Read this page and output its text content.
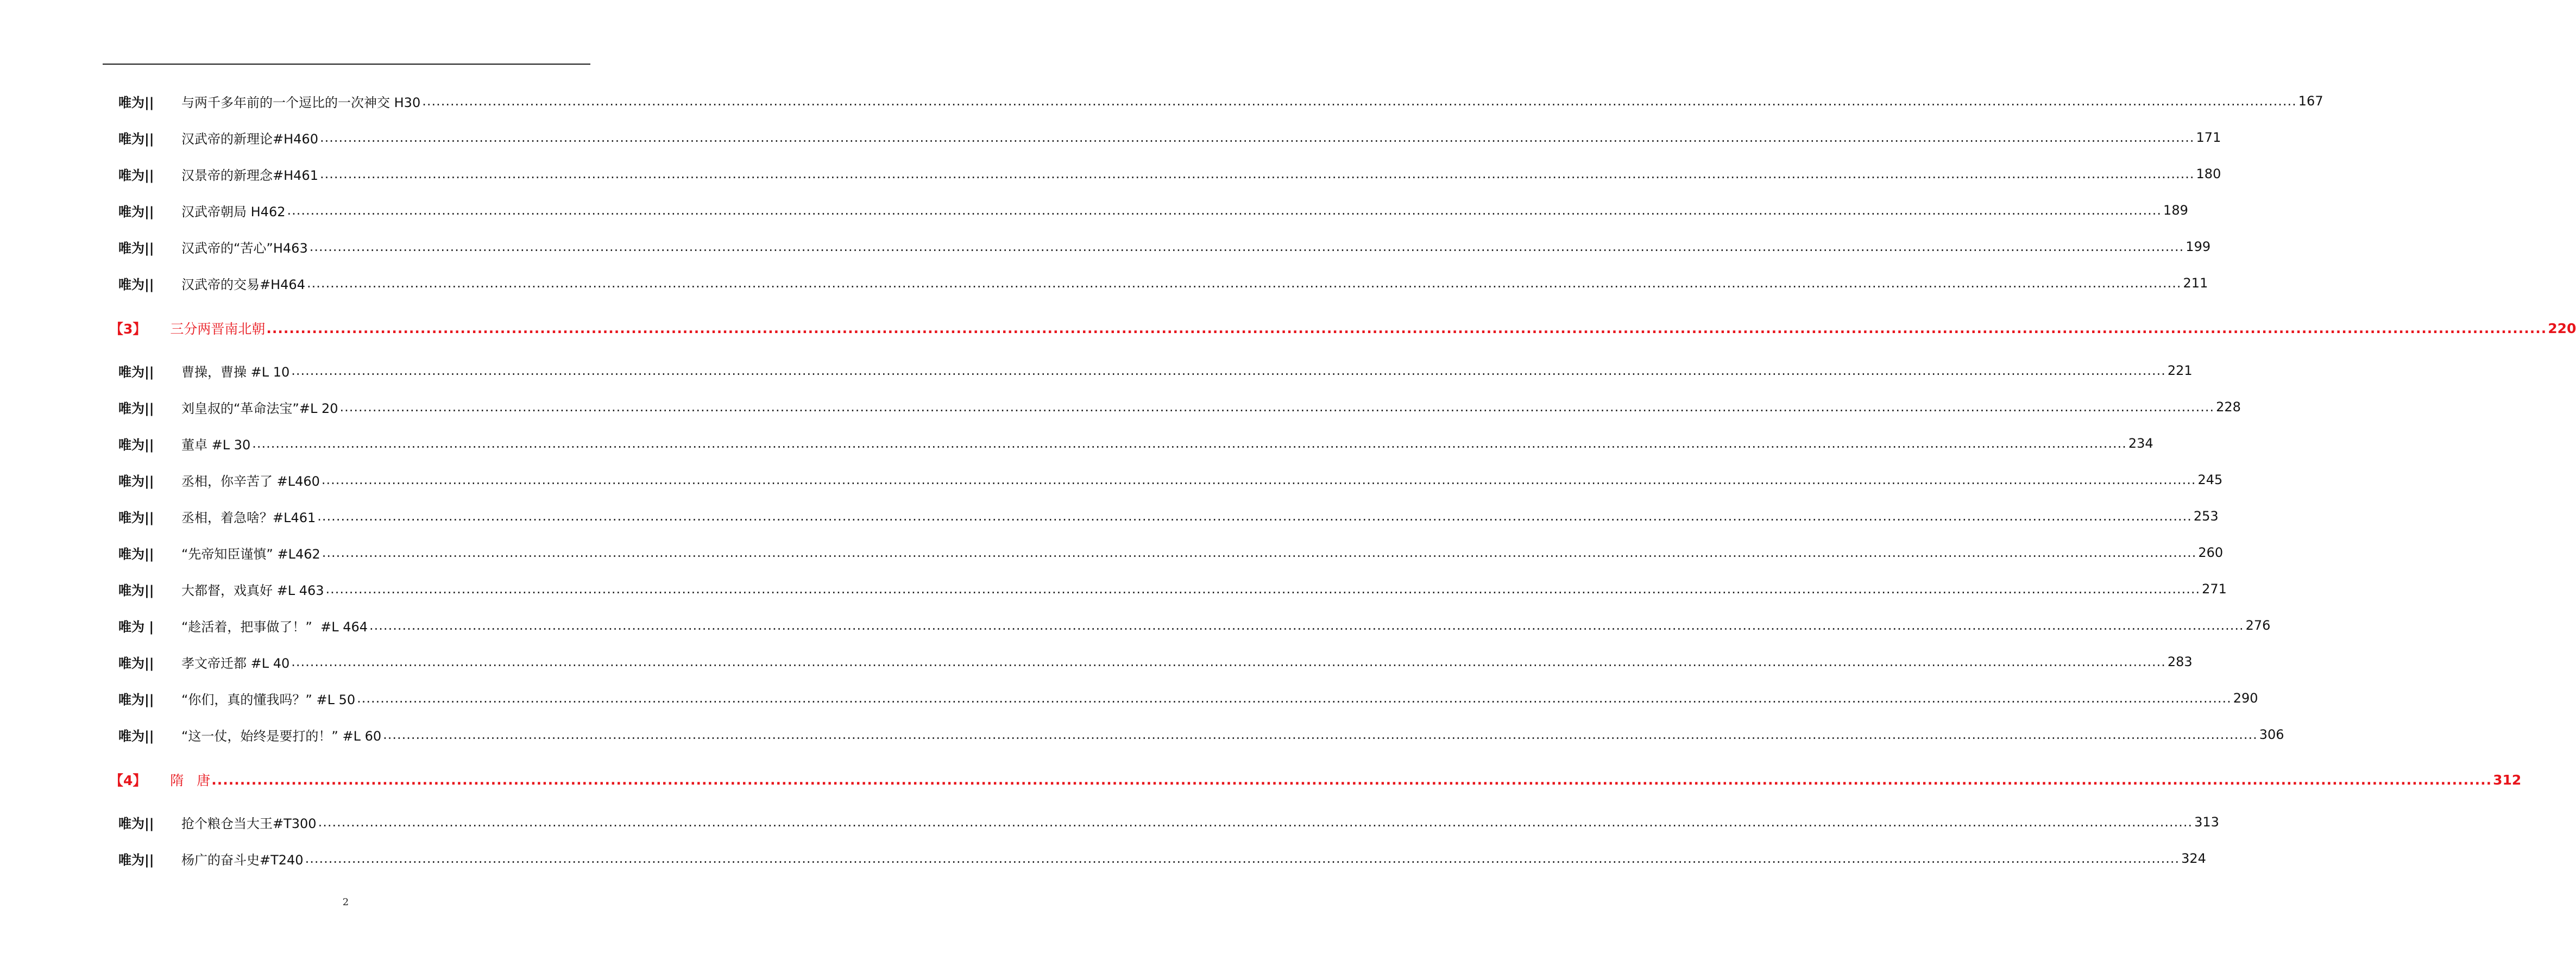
唯为||	与两千多年前的一个逗比的一次神交 H30 ................................................................................................................................................................................................................................................................................................................................................................................................................ 167
唯为||	汉武帝的新理论#H460 ................................................................................................................................................................................................................................................................................................................................................................................................................ 171
唯为||	汉景帝的新理念#H461 ................................................................................................................................................................................................................................................................................................................................................................................................................ 180
唯为||	汉武帝朝局 H462 ................................................................................................................................................................................................................................................................................................................................................................................................................ 189
唯为||	汉武帝的“苦心”H463 ................................................................................................................................................................................................................................................................................................................................................................................................................ 199
唯为||	汉武帝的交易#H464 ................................................................................................................................................................................................................................................................................................................................................................................................................ 211
【3】 三分两晋南北朝 ................................................................................................................................................................................................................................................................................................................................................................................................................ 220
唯为||	曹操，曹操 #L 10 ................................................................................................................................................................................................................................................................................................................................................................................................................ 221
唯为||	刘皇叔的“革命法宝”#L 20 ................................................................................................................................................................................................................................................................................................................................................................................................................ 228
唯为||	董卓 #L 30 ................................................................................................................................................................................................................................................................................................................................................................................................................ 234
唯为||	丞相，你辛苦了 #L460 ................................................................................................................................................................................................................................................................................................................................................................................................................ 245
唯为||	丞相，着急啥？#L461 ................................................................................................................................................................................................................................................................................................................................................................................................................ 253
唯为||	“先帝知臣谨慎” #L462 ................................................................................................................................................................................................................................................................................................................................................................................................................ 260
唯为||	大都督，戏真好 #L 463 ................................................................................................................................................................................................................................................................................................................................................................................................................ 271
唯为 |	“趁活着，把事做了！”  #L 464 ................................................................................................................................................................................................................................................................................................................................................................................................................ 276
唯为||	孝文帝迁都 #L 40 ................................................................................................................................................................................................................................................................................................................................................................................................................ 283
唯为||	“你们，真的懂我吗？” #L 50 ................................................................................................................................................................................................................................................................................................................................................................................................................ 290
唯为||	“这一仗，始终是要打的！” #L 60 ................................................................................................................................................................................................................................................................................................................................................................................................................ 306
【4】 隋   唐 ................................................................................................................................................................................................................................................................................................................................................................................................................ 312
唯为||	抢个粮仓当大王#T300 ................................................................................................................................................................................................................................................................................................................................................................................................................ 313
唯为||	杨广的奋斗史#T240 ................................................................................................................................................................................................................................................................................................................................................................................................................ 324
2
